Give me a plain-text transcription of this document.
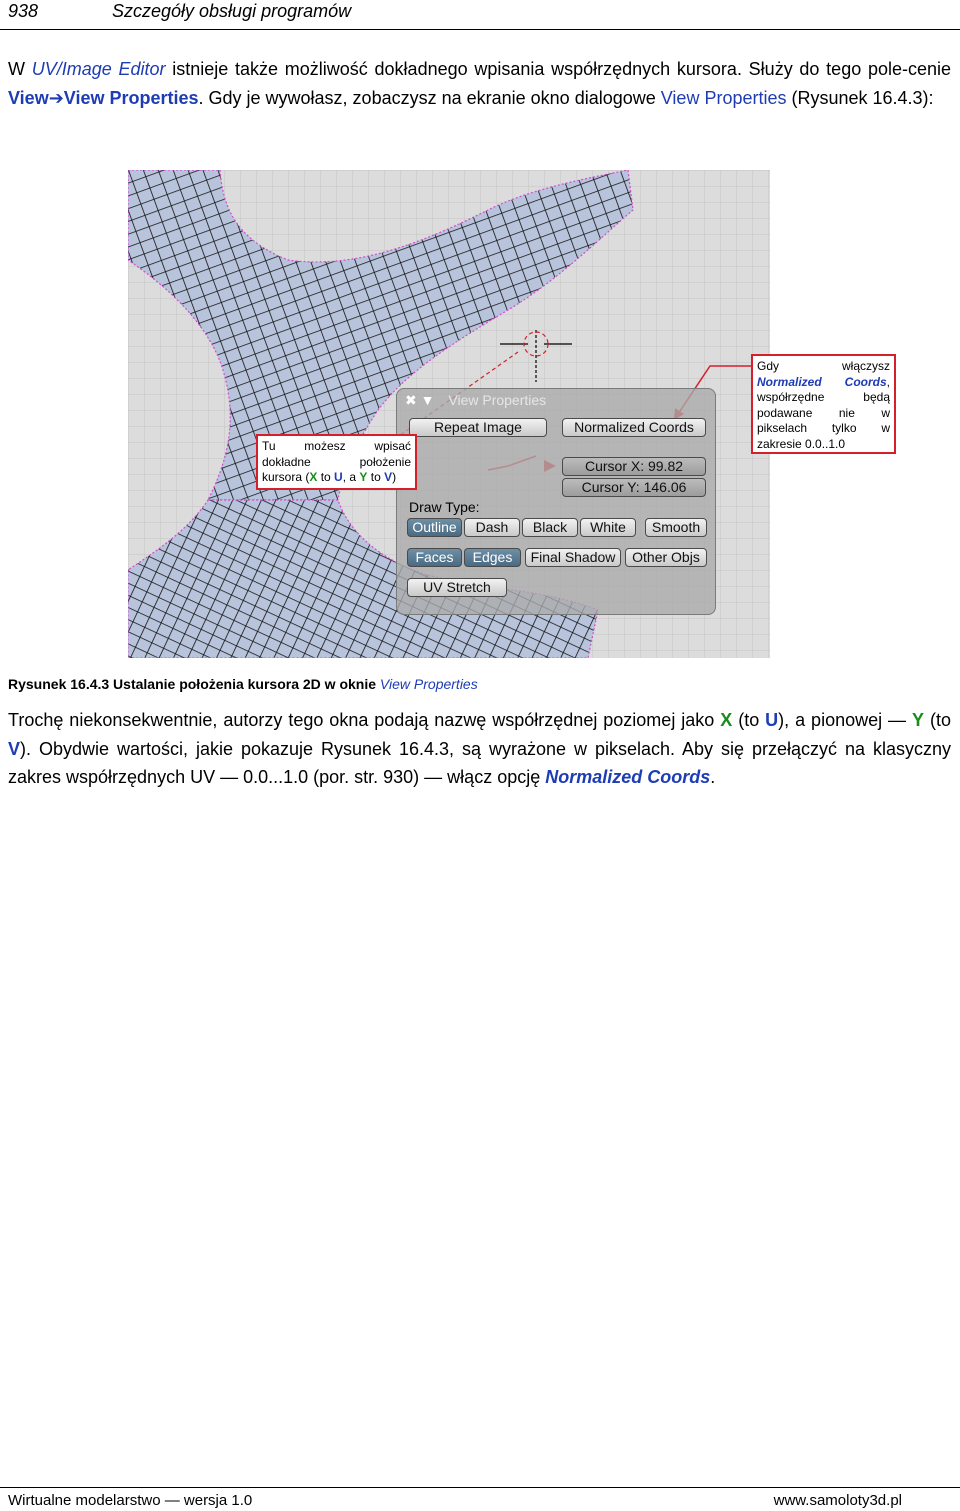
938	Szczegóły obsługi programów

W UV/Image Editor istnieje także możliwość dokładnego wpisania współrzędnych kursora. Służy do tego pole-cenie View➔View Properties. Gdy je wywołasz, zobaczysz na ekranie okno dialogowe View Properties (Rysunek 16.4.3):

✖ ▼ View Properties
Repeat Image	Normalized Coords
Cursor X: 99.82
Cursor Y: 146.06
Draw Type:
Outline	Dash	Black	White	Smooth
Faces	Edges	Final Shadow	Other Objs
UV Stretch
Tu możesz wpisać
dokładne położenie
kursora (X to U, a Y to V)
Gdy włączysz
Normalized Coords,
współrzędne będą
podawane nie w
pikselach tylko w
zakresie 0.0..1.0
Rysunek 16.4.3 Ustalanie położenia kursora 2D w oknie View Properties

Trochę niekonsekwentnie, autorzy tego okna podają nazwę współrzędnej poziomej jako X (to U), a pionowej — Y (to V). Obydwie wartości, jakie pokazuje Rysunek 16.4.3, są wyrażone w pikselach. Aby się przełączyć na klasyczny zakres współrzędnych UV — 0.0...1.0 (por. str. 930) — włącz opcję Normalized Coords.

Wirtualne modelarstwo — wersja 1.0	www.samoloty3d.pl
